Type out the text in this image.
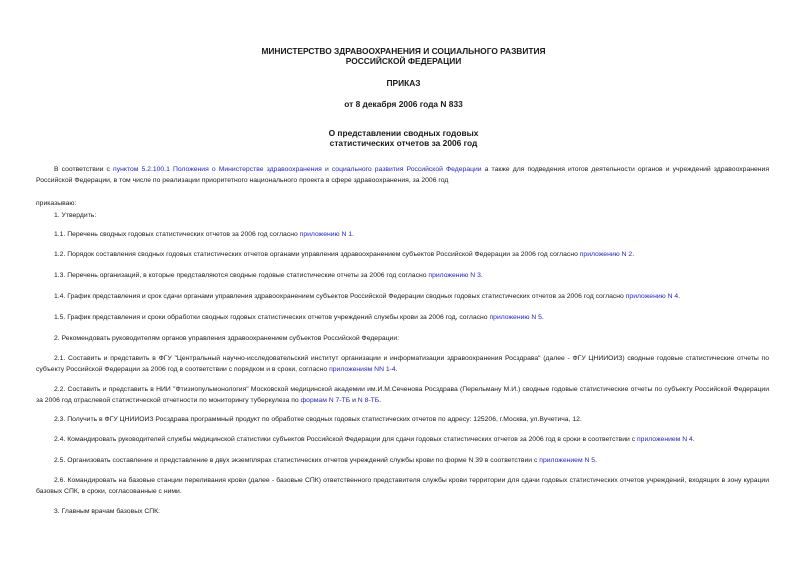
МИНИСТЕРСТВО ЗДРАВООХРАНЕНИЯ И СОЦИАЛЬНОГО РАЗВИТИЯ
РОССИЙСКОЙ ФЕДЕРАЦИИ
ПРИКАЗ
от 8 декабря 2006 года N 833
О представлении сводных годовых
статистических отчетов за 2006 год
В соответствии с пунктом 5.2.100.1 Положения о Министерстве здравоохранения и социального развития Российской Федерации а также для подведения итогов деятельности органов и учреждений здравоохранения Российской Федерации, в том числе по реализации приоритетного национального проекта в сфере здравоохранения, за 2006 год
приказываю:
1. Утвердить:
1.1. Перечень сводных годовых статистических отчетов за 2006 год согласно приложению N 1.
1.2. Порядок составления сводных годовых статистических отчетов органами управления здравоохранением субъектов Российской Федерации за 2006 год согласно приложению N 2.
1.3. Перечень организаций, в которые представляются сводные годовые статистические отчеты за 2006 год согласно приложению N 3.
1.4. График представления и срок сдачи органами управления здравоохранением субъектов Российской Федерации сводных годовых статистических отчетов за 2006 год согласно приложению N 4.
1.5. График представления и сроки обработки сводных годовых статистических отчетов учреждений службы крови за 2006 год, согласно приложению N 5.
2. Рекомендовать руководителям органов управления здравоохранением субъектов Российской Федерации:
2.1. Составить и представить в ФГУ "Центральный научно-исследовательский институт организации и информатизации здравоохранения Росздрава" (далее - ФГУ ЦНИИОИЗ) сводные годовые статистические отчеты по субъекту Российской Федерации за 2006 год в соответствии с порядком и в сроки, согласно приложениям NN 1-4.
2.2. Составить и представить в НИИ "Фтизиопульмонология" Московской медицинской академии им.И.М.Сеченова Росздрава (Перельману М.И.) сводные годовые статистические отчеты по субъекту Российской Федерации за 2006 год отраслевой статистической отчетности по мониторингу туберкулеза по формам N 7-ТБ и N 8-ТБ.
2.3. Получить в ФГУ ЦНИИОИЗ Росздрава программный продукт по обработке сводных годовых статистических отчетов по адресу: 125206, г.Москва, ул.Вучетича, 12.
2.4. Командировать руководителей службы медицинской статистики субъектов Российской Федерации для сдачи годовых статистических отчетов за 2006 год в сроки в соответствии с приложением N 4.
2.5. Организовать составление и представление в двух экземплярах статистических отчетов учреждений службы крови по форме N 39 в соответствии с приложением N 5.
2.6. Командировать на базовые станции переливания крови (далее - базовые СПК) ответственного представителя службы крови территории для сдачи годовых статистических отчетов учреждений, входящих в зону курации базовых СПК, в сроки, согласованные с ними.
3. Главным врачам базовых СПК:
